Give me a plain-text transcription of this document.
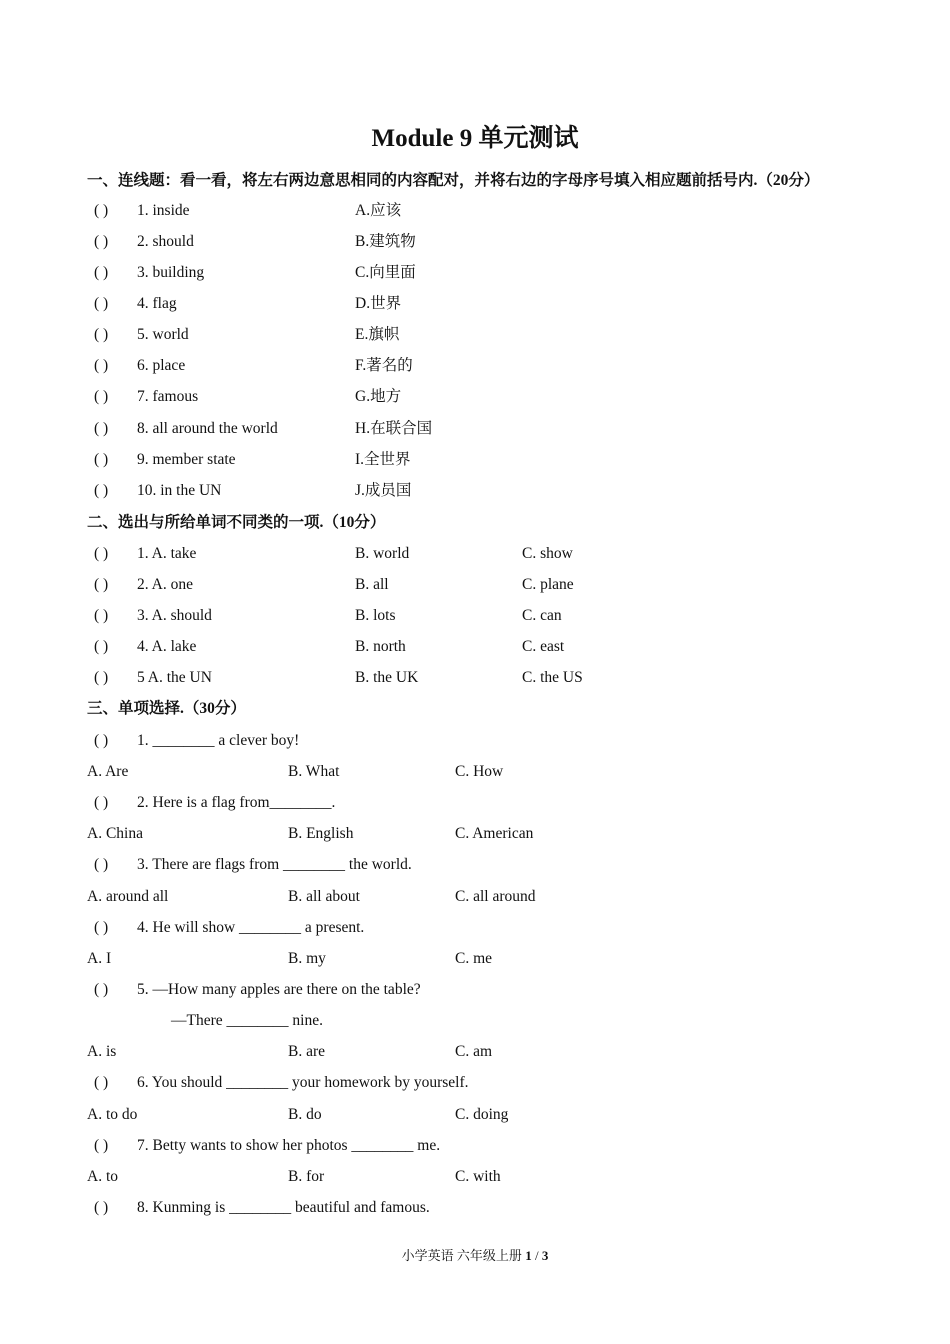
Module 9 单元测试
一、连线题：看一看，将左右两边意思相同的内容配对，并将右边的字母序号填入相应题前括号内.（20分）
( ) 1. inside	A.应该
( ) 2. should	B.建筑物
( ) 3. building	C.向里面
( ) 4. flag	D.世界
( ) 5. world	E.旗帜
( ) 6. place	F.著名的
( ) 7. famous	G.地方
( ) 8. all around the world	H.在联合国
( ) 9. member state	I.全世界
( ) 10. in the UN	J.成员国
二、选出与所给单词不同类的一项.（10分）
( ) 1. A. take	B. world	C. show
( ) 2. A. one	B. all	C. plane
( ) 3. A. should	B. lots	C. can
( ) 4. A. lake	B. north	C. east
( ) 5 A. the UN	B. the UK	C. the US
三、单项选择.（30分）
( ) 1. ________ a clever boy!
A. Are	B. What	C. How
( ) 2. Here is a flag from________.
A. China	B. English	C. American
( ) 3. There are flags from ________ the world.
A. around all	B. all about	C. all around
( ) 4. He will show ________ a present.
A. I	B. my	C. me
( ) 5. —How many apples are there on the table?
—There ________ nine.
A. is	B. are	C. am
( ) 6. You should ________ your homework by yourself.
A. to do	B. do	C. doing
( ) 7. Betty wants to show her photos ________ me.
A. to	B. for	C. with
( ) 8. Kunming is ________ beautiful and famous.
小学英语 六年级上册 1 / 3
